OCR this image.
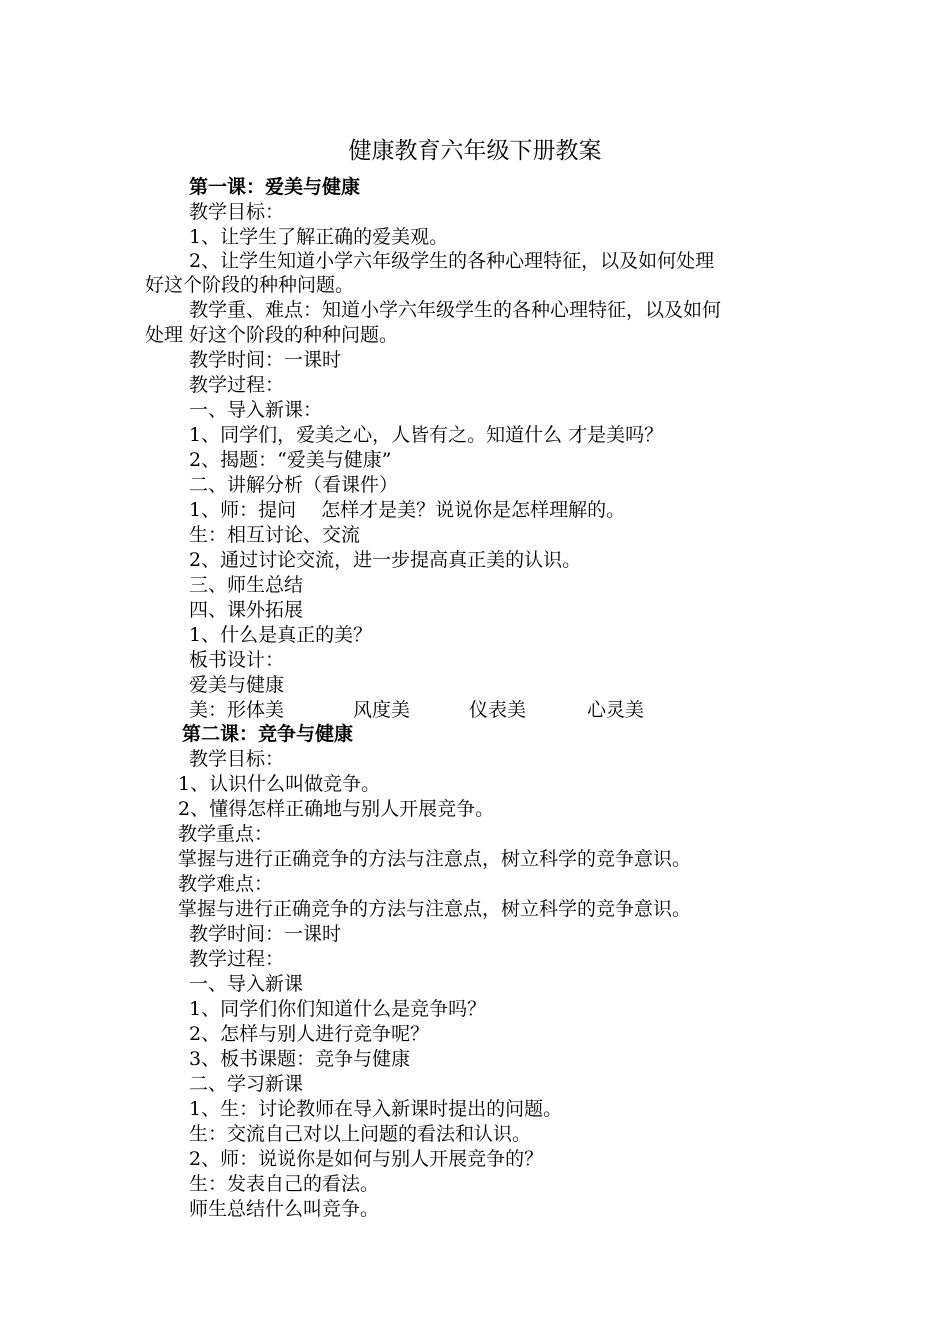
健康教育六年级下册教案
第一课：爱美与健康
教学目标：
1、让学生了解正确的爱美观。
2、让学生知道小学六年级学生的各种心理特征，以及如何处理
好这个阶段的种种问题。
教学重、难点：知道小学六年级学生的各种心理特征，以及如何
处理 好这个阶段的种种问题。
教学时间：一课时
教学过程：
一、导入新课：
1、同学们，爱美之心，人皆有之。知道什么 才是美吗？
2、揭题：“爱美与健康”
二、讲解分析（看课件）
1、师：提问　 怎样才是美？说说你是怎样理解的。
生：相互讨论、交流
2、通过讨论交流，进一步提高真正美的认识。
三、师生总结
四、课外拓展
1、什么是真正的美？
板书设计：
爱美与健康
美：形体美	风度美	仪表美	心灵美
第二课：竞争与健康
教学目标：
1、认识什么叫做竞争。
2、懂得怎样正确地与别人开展竞争。
教学重点：
掌握与进行正确竞争的方法与注意点，树立科学的竞争意识。
教学难点：
掌握与进行正确竞争的方法与注意点，树立科学的竞争意识。
教学时间：一课时
教学过程：
一、导入新课
1、同学们你们知道什么是竞争吗？
2、怎样与别人进行竞争呢？
3、板书课题：竞争与健康
二、学习新课
1、生：讨论教师在导入新课时提出的问题。
生：交流自己对以上问题的看法和认识。
2、师：说说你是如何与别人开展竞争的？
生：发表自己的看法。
师生总结什么叫竞争。
